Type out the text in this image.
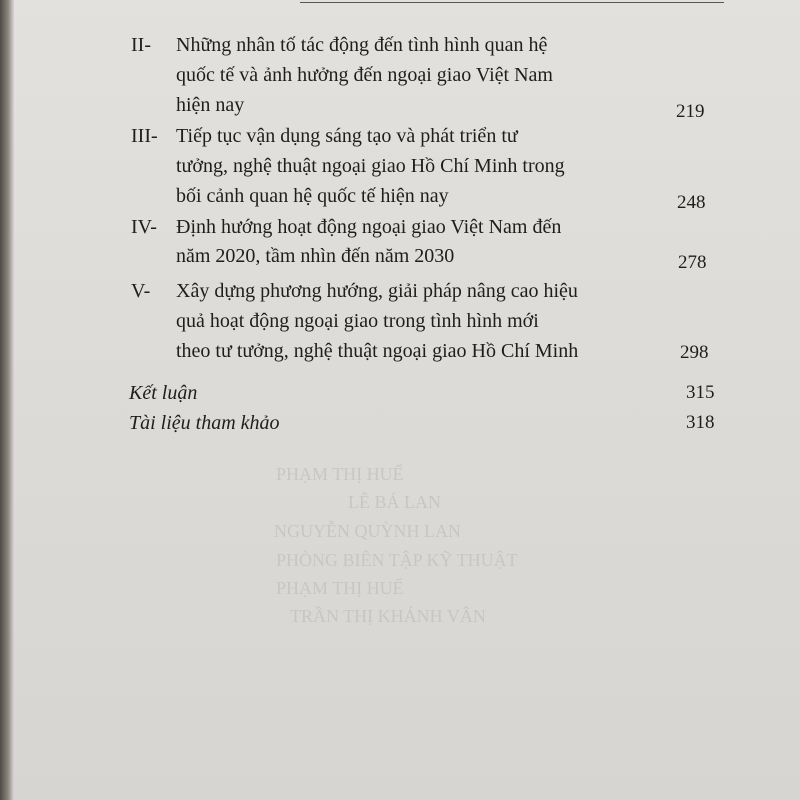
PHẠM THỊ HUẾ
LÊ BÁ LAN
NGUYỄN QUỲNH LAN
PHÒNG BIÊN TẬP KỸ THUẬT
PHẠM THỊ HUẾ
TRẦN THỊ KHÁNH VÂN
II- Những nhân tố tác động đến tình hình quan hệ
quốc tế và ảnh hưởng đến ngoại giao Việt Nam
hiện nay	219
III- Tiếp tục vận dụng sáng tạo và phát triển tư
tưởng, nghệ thuật ngoại giao Hồ Chí Minh trong
bối cảnh quan hệ quốc tế hiện nay	248
IV- Định hướng hoạt động ngoại giao Việt Nam đến
năm 2020, tầm nhìn đến năm 2030	278
V- Xây dựng phương hướng, giải pháp nâng cao hiệu
quả hoạt động ngoại giao trong tình hình mới
theo tư tưởng, nghệ thuật ngoại giao Hồ Chí Minh	298
Kết luận	315
Tài liệu tham khảo	318
